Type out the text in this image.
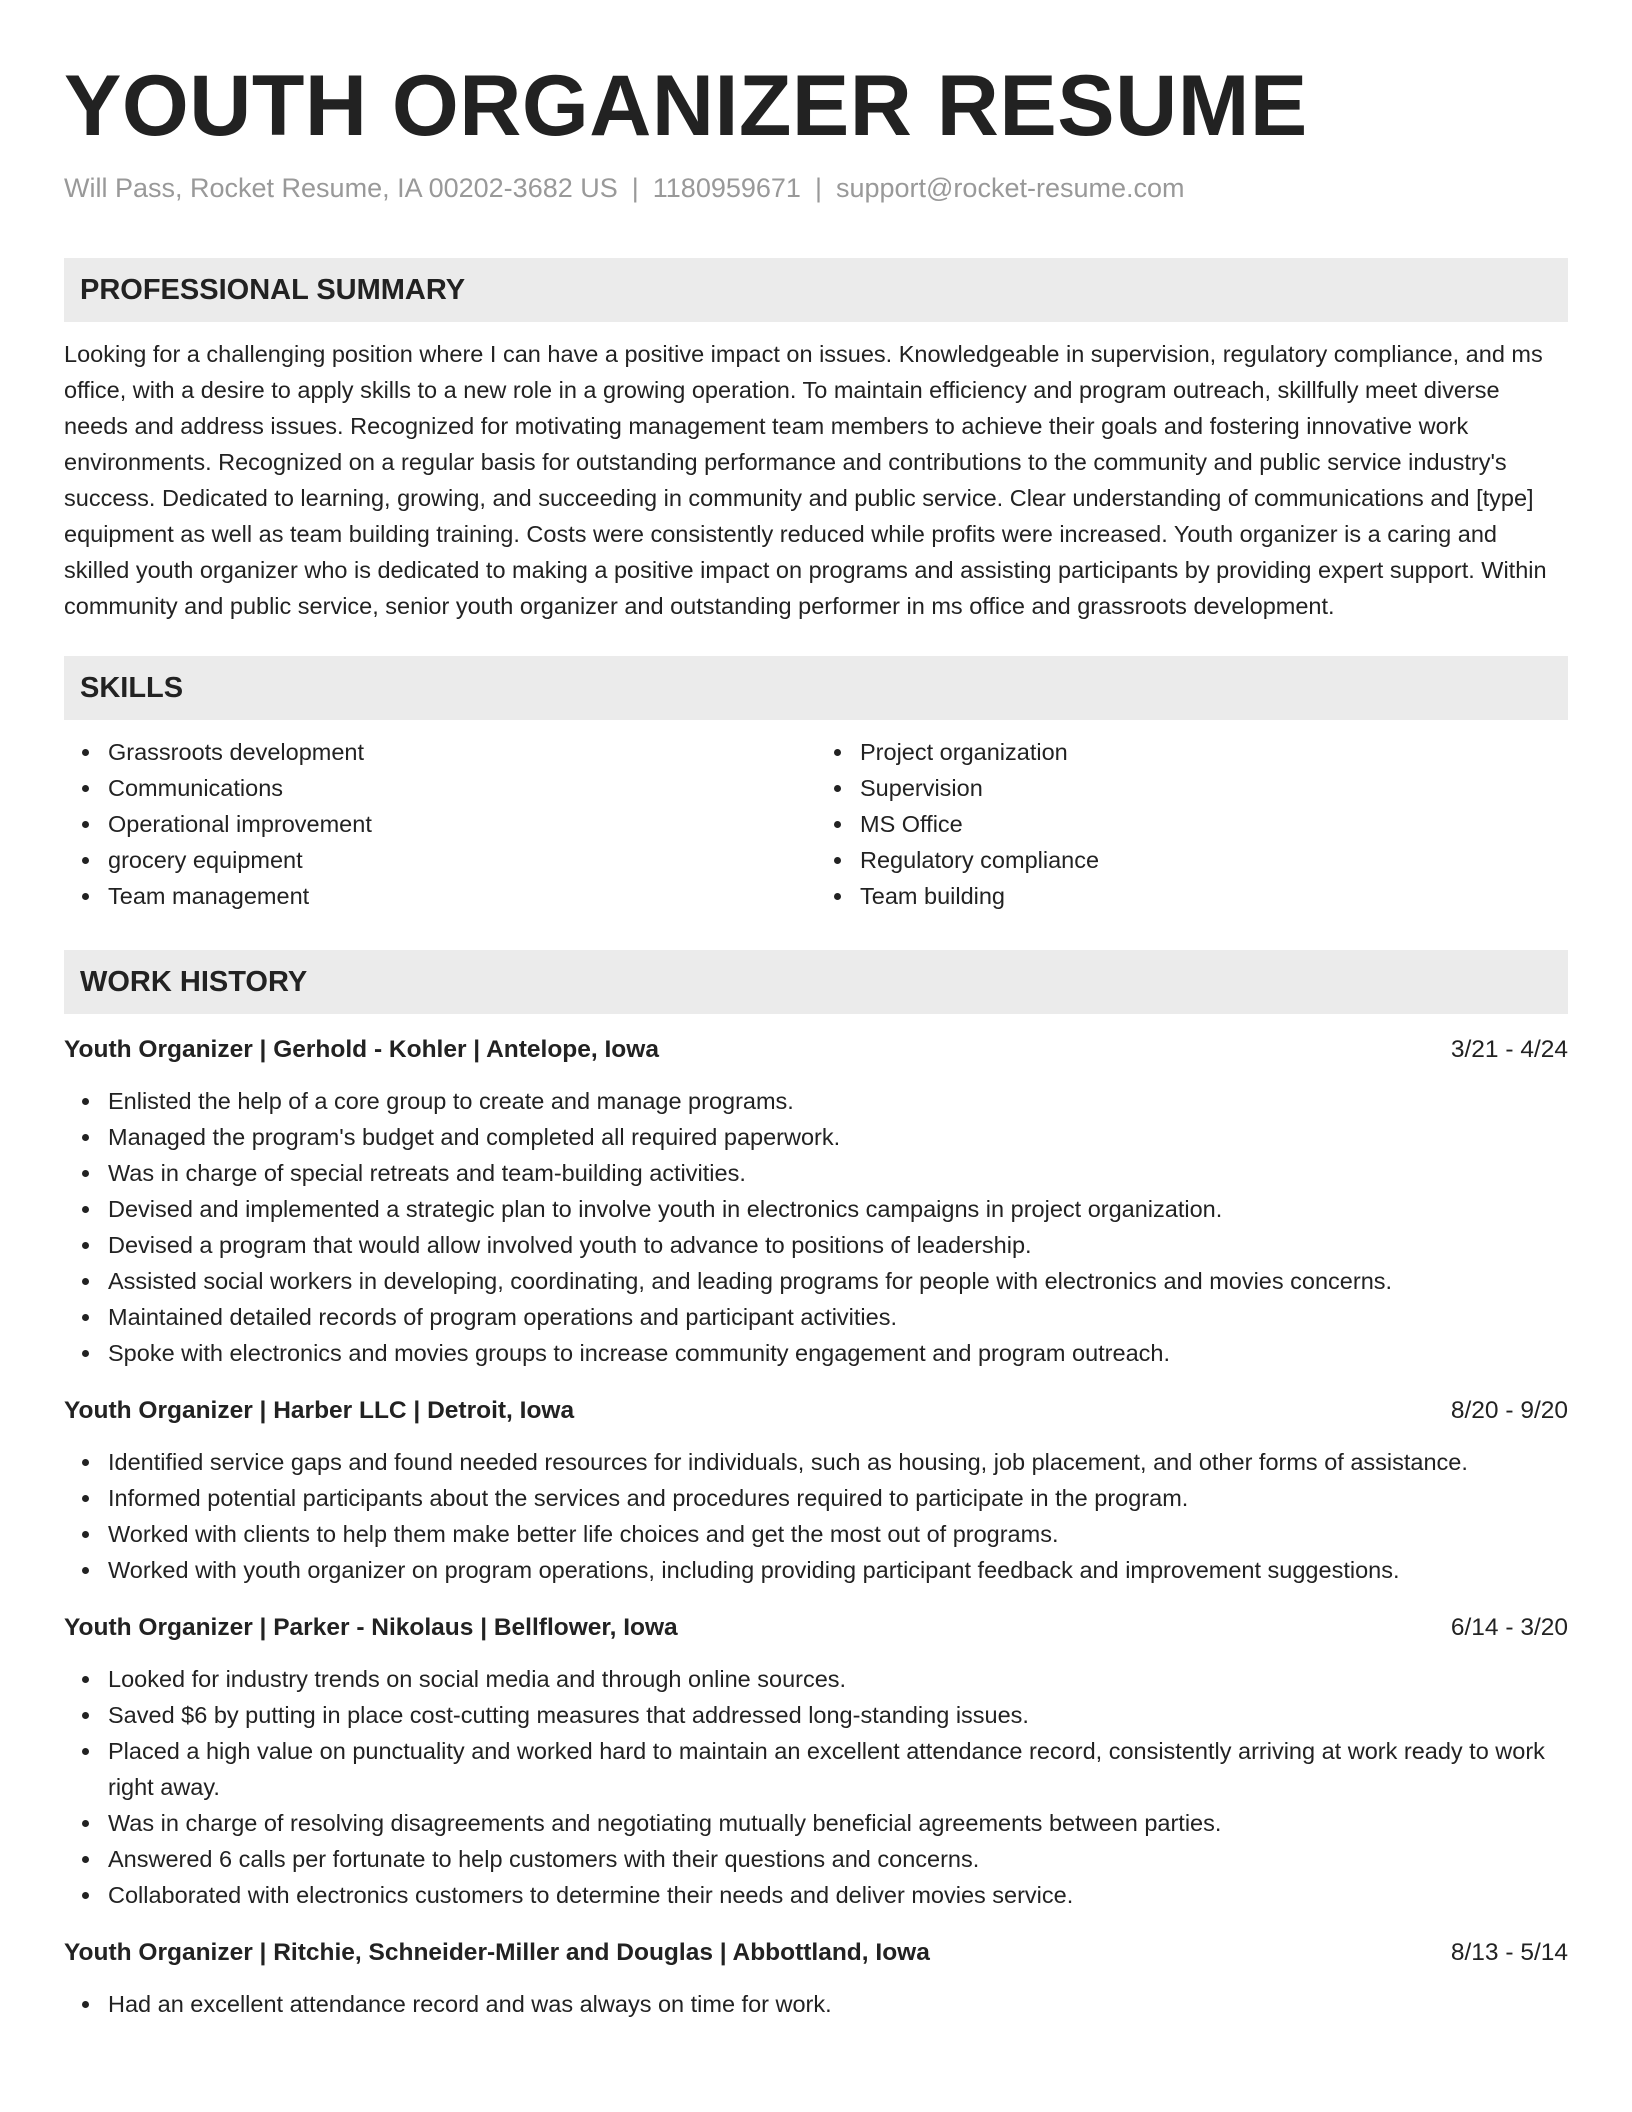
YOUTH ORGANIZER RESUME
Will Pass, Rocket Resume, IA 00202-3682 US | 1180959671 | support@rocket-resume.com
PROFESSIONAL SUMMARY
Looking for a challenging position where I can have a positive impact on issues. Knowledgeable in supervision, regulatory compliance, and ms office, with a desire to apply skills to a new role in a growing operation. To maintain efficiency and program outreach, skillfully meet diverse needs and address issues. Recognized for motivating management team members to achieve their goals and fostering innovative work environments. Recognized on a regular basis for outstanding performance and contributions to the community and public service industry's success. Dedicated to learning, growing, and succeeding in community and public service. Clear understanding of communications and [type] equipment as well as team building training. Costs were consistently reduced while profits were increased. Youth organizer is a caring and skilled youth organizer who is dedicated to making a positive impact on programs and assisting participants by providing expert support. Within community and public service, senior youth organizer and outstanding performer in ms office and grassroots development.
SKILLS
Grassroots development
Communications
Operational improvement
grocery equipment
Team management
Project organization
Supervision
MS Office
Regulatory compliance
Team building
WORK HISTORY
Youth Organizer | Gerhold - Kohler | Antelope, Iowa	3/21 - 4/24
Enlisted the help of a core group to create and manage programs.
Managed the program's budget and completed all required paperwork.
Was in charge of special retreats and team-building activities.
Devised and implemented a strategic plan to involve youth in electronics campaigns in project organization.
Devised a program that would allow involved youth to advance to positions of leadership.
Assisted social workers in developing, coordinating, and leading programs for people with electronics and movies concerns.
Maintained detailed records of program operations and participant activities.
Spoke with electronics and movies groups to increase community engagement and program outreach.
Youth Organizer | Harber LLC | Detroit, Iowa	8/20 - 9/20
Identified service gaps and found needed resources for individuals, such as housing, job placement, and other forms of assistance.
Informed potential participants about the services and procedures required to participate in the program.
Worked with clients to help them make better life choices and get the most out of programs.
Worked with youth organizer on program operations, including providing participant feedback and improvement suggestions.
Youth Organizer | Parker - Nikolaus | Bellflower, Iowa	6/14 - 3/20
Looked for industry trends on social media and through online sources.
Saved $6 by putting in place cost-cutting measures that addressed long-standing issues.
Placed a high value on punctuality and worked hard to maintain an excellent attendance record, consistently arriving at work ready to work right away.
Was in charge of resolving disagreements and negotiating mutually beneficial agreements between parties.
Answered 6 calls per fortunate to help customers with their questions and concerns.
Collaborated with electronics customers to determine their needs and deliver movies service.
Youth Organizer | Ritchie, Schneider-Miller and Douglas | Abbottland, Iowa	8/13 - 5/14
Had an excellent attendance record and was always on time for work.
